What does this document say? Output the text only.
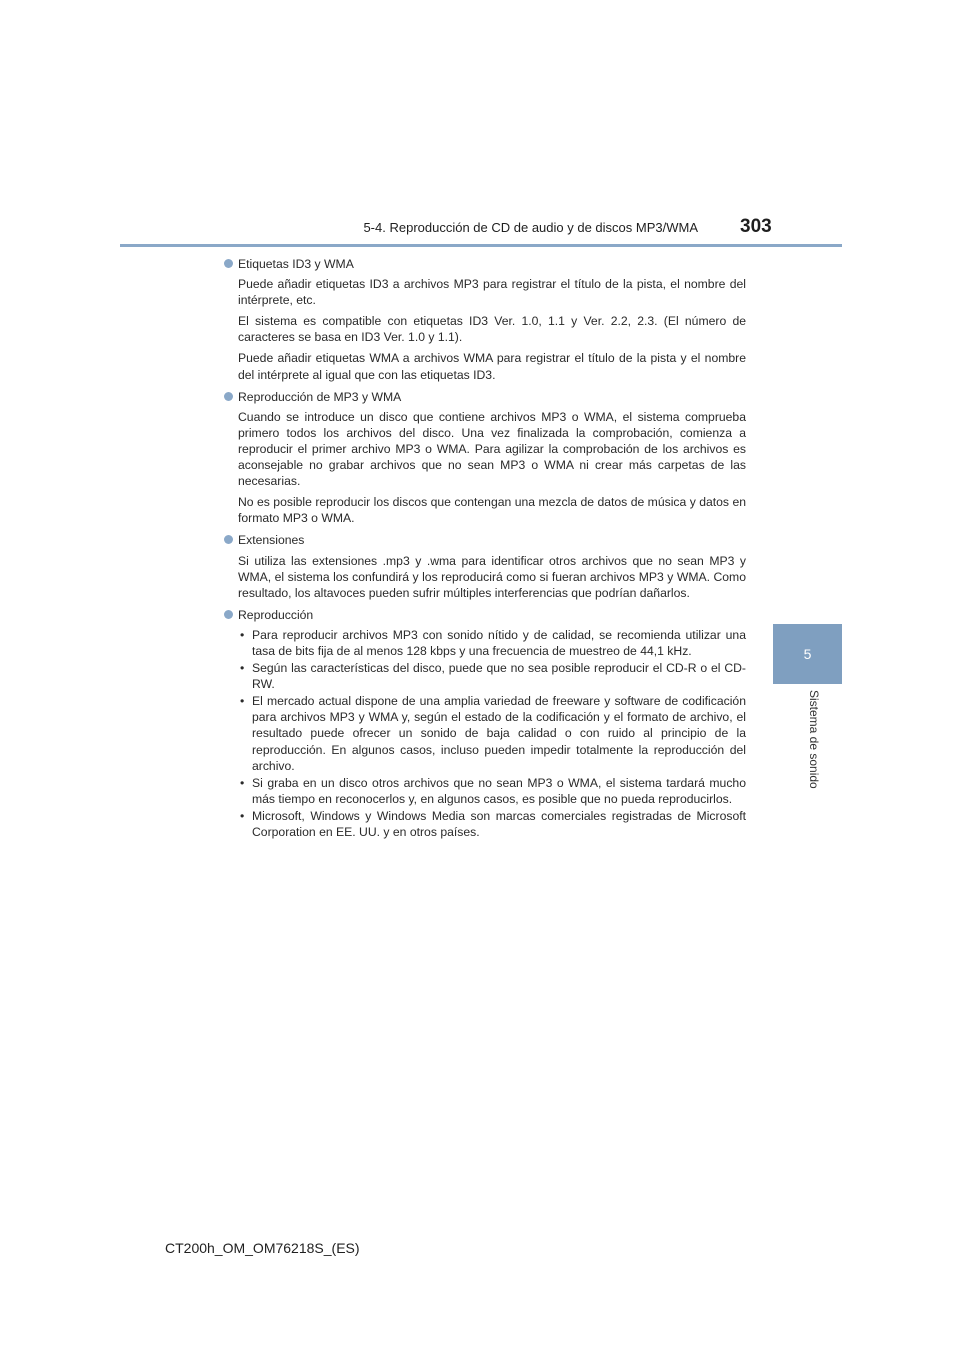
5-4. Reproducción de CD de audio y de discos MP3/WMA 303
5
Sistema de sonido
Etiquetas ID3 y WMA

Puede añadir etiquetas ID3 a archivos MP3 para registrar el título de la pista, el nombre del intérprete, etc.

El sistema es compatible con etiquetas ID3 Ver. 1.0, 1.1 y Ver. 2.2, 2.3. (El número de caracteres se basa en ID3 Ver. 1.0 y 1.1).

Puede añadir etiquetas WMA a archivos WMA para registrar el título de la pista y el nombre del intérprete al igual que con las etiquetas ID3.

Reproducción de MP3 y WMA

Cuando se introduce un disco que contiene archivos MP3 o WMA, el sistema comprueba primero todos los archivos del disco. Una vez finalizada la comprobación, comienza a reproducir el primer archivo MP3 o WMA. Para agilizar la comprobación de los archivos es aconsejable no grabar archivos que no sean MP3 o WMA ni crear más carpetas de las necesarias.

No es posible reproducir los discos que contengan una mezcla de datos de música y datos en formato MP3 o WMA.

Extensiones

Si utiliza las extensiones .mp3 y .wma para identificar otros archivos que no sean MP3 y WMA, el sistema los confundirá y los reproducirá como si fueran archivos MP3 y WMA. Como resultado, los altavoces pueden sufrir múltiples interferencias que podrían dañarlos.

Reproducción
• Para reproducir archivos MP3 con sonido nítido y de calidad, se recomienda utilizar una tasa de bits fija de al menos 128 kbps y una frecuencia de muestreo de 44,1 kHz.
• Según las características del disco, puede que no sea posible reproducir el CD-R o el CD-RW.
• El mercado actual dispone de una amplia variedad de freeware y software de codificación para archivos MP3 y WMA y, según el estado de la codificación y el formato de archivo, el resultado puede ofrecer un sonido de baja calidad o con ruido al principio de la reproducción. En algunos casos, incluso pueden impedir totalmente la reproducción del archivo.
• Si graba en un disco otros archivos que no sean MP3 o WMA, el sistema tardará mucho más tiempo en reconocerlos y, en algunos casos, es posible que no pueda reproducirlos.
• Microsoft, Windows y Windows Media son marcas comerciales registradas de Microsoft Corporation en EE. UU. y en otros países.
CT200h_OM_OM76218S_(ES)
